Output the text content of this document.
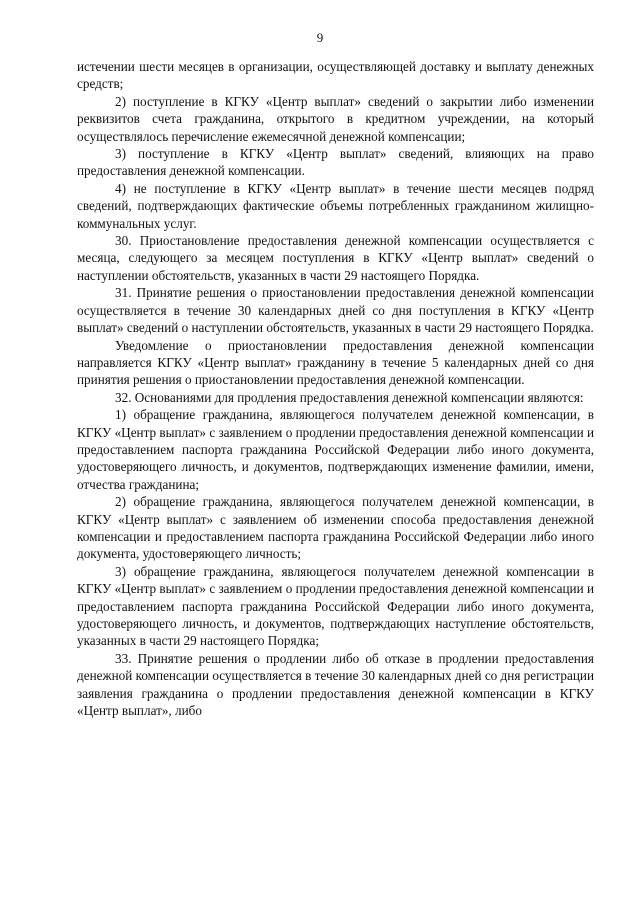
9

истечении шести месяцев в организации, осуществляющей доставку и выплату денежных средств;

2) поступление в КГКУ «Центр выплат» сведений о закрытии либо изменении реквизитов счета гражданина, открытого в кредитном учреждении, на который осуществлялось перечисление ежемесячной денежной компенсации;

3) поступление в КГКУ «Центр выплат» сведений, влияющих на право предоставления денежной компенсации.

4) не поступление в КГКУ «Центр выплат» в течение шести месяцев подряд сведений, подтверждающих фактические объемы потребленных гражданином жилищно-коммунальных услуг.

30. Приостановление предоставления денежной компенсации осуществляется с месяца, следующего за месяцем поступления в КГКУ «Центр выплат» сведений о наступлении обстоятельств, указанных в части 29 настоящего Порядка.

31. Принятие решения о приостановлении предоставления денежной компенсации осуществляется в течение 30 календарных дней со дня поступления в КГКУ «Центр выплат» сведений о наступлении обстоятельств, указанных в части 29 настоящего Порядка.

Уведомление о приостановлении предоставления денежной компенсации направляется КГКУ «Центр выплат» гражданину в течение 5 календарных дней со дня принятия решения о приостановлении предоставления денежной компенсации.

32. Основаниями для продления предоставления денежной компенсации являются:

1) обращение гражданина, являющегося получателем денежной компенсации, в КГКУ «Центр выплат» с заявлением о продлении предоставления денежной компенсации и предоставлением паспорта гражданина Российской Федерации либо иного документа, удостоверяющего личность, и документов, подтверждающих изменение фамилии, имени, отчества гражданина;

2) обращение гражданина, являющегося получателем денежной компенсации, в КГКУ «Центр выплат» с заявлением об изменении способа предоставления денежной компенсации и предоставлением паспорта гражданина Российской Федерации либо иного документа, удостоверяющего личность;

3) обращение гражданина, являющегося получателем денежной компенсации в КГКУ «Центр выплат» с заявлением о продлении предоставления денежной компенсации и предоставлением паспорта гражданина Российской Федерации либо иного документа, удостоверяющего личность, и документов, подтверждающих наступление обстоятельств, указанных в части 29 настоящего Порядка;

33. Принятие решения о продлении либо об отказе в продлении предоставления денежной компенсации осуществляется в течение 30 календарных дней со дня регистрации заявления гражданина о продлении предоставления денежной компенсации в КГКУ «Центр выплат», либо
